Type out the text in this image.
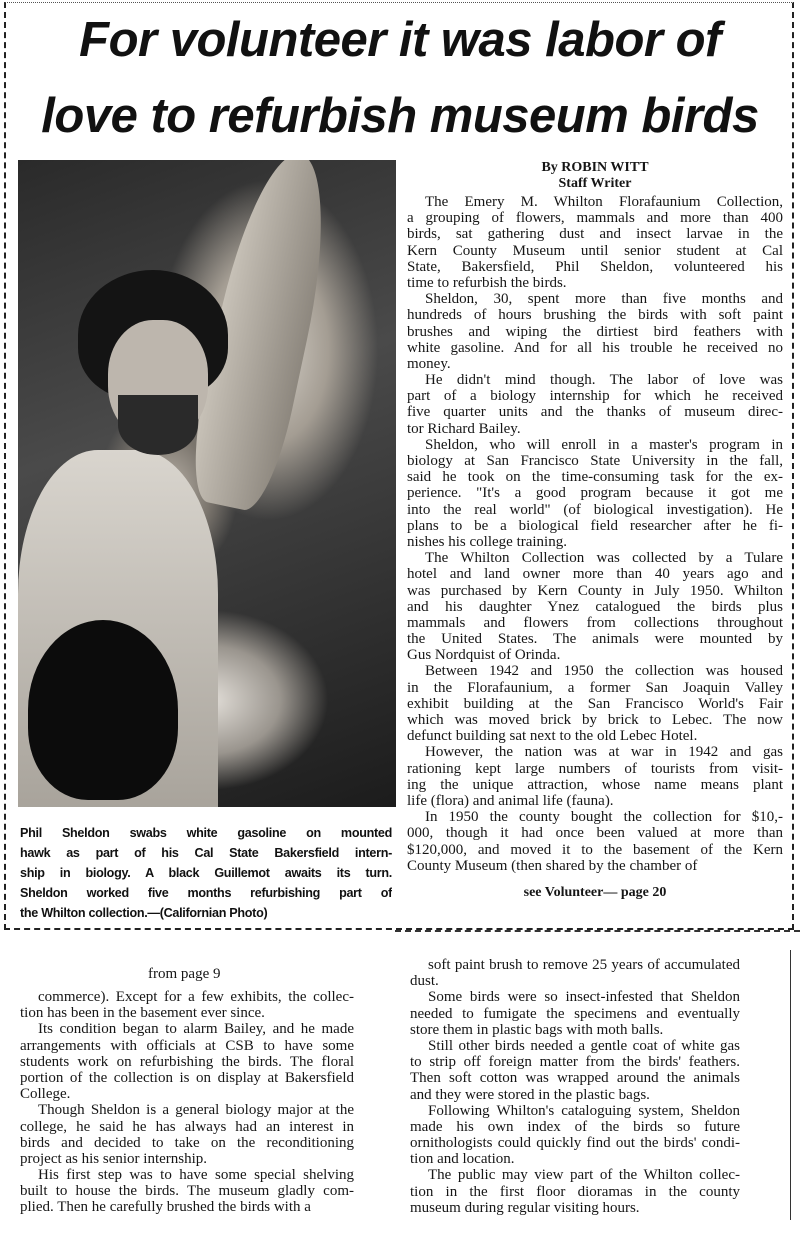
For volunteer it was labor of
love to refurbish museum birds
Phil Sheldon swabs white gasoline on mounted
hawk as part of his Cal State Bakersfield intern-
ship in biology. A black Guillemot awaits its turn.
Sheldon worked five months refurbishing part of
the Whilton collection.—(Californian Photo)
By ROBIN WITT
Staff Writer
The Emery M. Whilton Florafaunium Collection,
a grouping of flowers, mammals and more than 400
birds, sat gathering dust and insect larvae in the
Kern County Museum until senior student at Cal
State, Bakersfield, Phil Sheldon, volunteered his
time to refurbish the birds.
Sheldon, 30, spent more than five months and
hundreds of hours brushing the birds with soft paint
brushes and wiping the dirtiest bird feathers with
white gasoline. And for all his trouble he received no
money.
He didn't mind though. The labor of love was
part of a biology internship for which he received
five quarter units and the thanks of museum direc-
tor Richard Bailey.
Sheldon, who will enroll in a master's program in
biology at San Francisco State University in the fall,
said he took on the time-consuming task for the ex-
perience. "It's a good program because it got me
into the real world" (of biological investigation). He
plans to be a biological field researcher after he fi-
nishes his college training.
The Whilton Collection was collected by a Tulare
hotel and land owner more than 40 years ago and
was purchased by Kern County in July 1950. Whilton
and his daughter Ynez catalogued the birds plus
mammals and flowers from collections throughout
the United States. The animals were mounted by
Gus Nordquist of Orinda.
Between 1942 and 1950 the collection was housed
in the Florafaunium, a former San Joaquin Valley
exhibit building at the San Francisco World's Fair
which was moved brick by brick to Lebec. The now
defunct building sat next to the old Lebec Hotel.
However, the nation was at war in 1942 and gas
rationing kept large numbers of tourists from visit-
ing the unique attraction, whose name means plant
life (flora) and animal life (fauna).
In 1950 the county bought the collection for $10,-
000, though it had once been valued at more than
$120,000, and moved it to the basement of the Kern
County Museum (then shared by the chamber of
see Volunteer— page 20
from page 9
commerce). Except for a few exhibits, the collec-
tion has been in the basement ever since.
Its condition began to alarm Bailey, and he made
arrangements with officials at CSB to have some
students work on refurbishing the birds. The floral
portion of the collection is on display at Bakersfield
College.
Though Sheldon is a general biology major at the
college, he said he has always had an interest in
birds and decided to take on the reconditioning
project as his senior internship.
His first step was to have some special shelving
built to house the birds. The museum gladly com-
plied. Then he carefully brushed the birds with a
soft paint brush to remove 25 years of accumulated
dust.
Some birds were so insect-infested that Sheldon
needed to fumigate the specimens and eventually
store them in plastic bags with moth balls.
Still other birds needed a gentle coat of white gas
to strip off foreign matter from the birds' feathers.
Then soft cotton was wrapped around the animals
and they were stored in the plastic bags.
Following Whilton's cataloguing system, Sheldon
made his own index of the birds so future
ornithologists could quickly find out the birds' condi-
tion and location.
The public may view part of the Whilton collec-
tion in the first floor dioramas in the county
museum during regular visiting hours.
